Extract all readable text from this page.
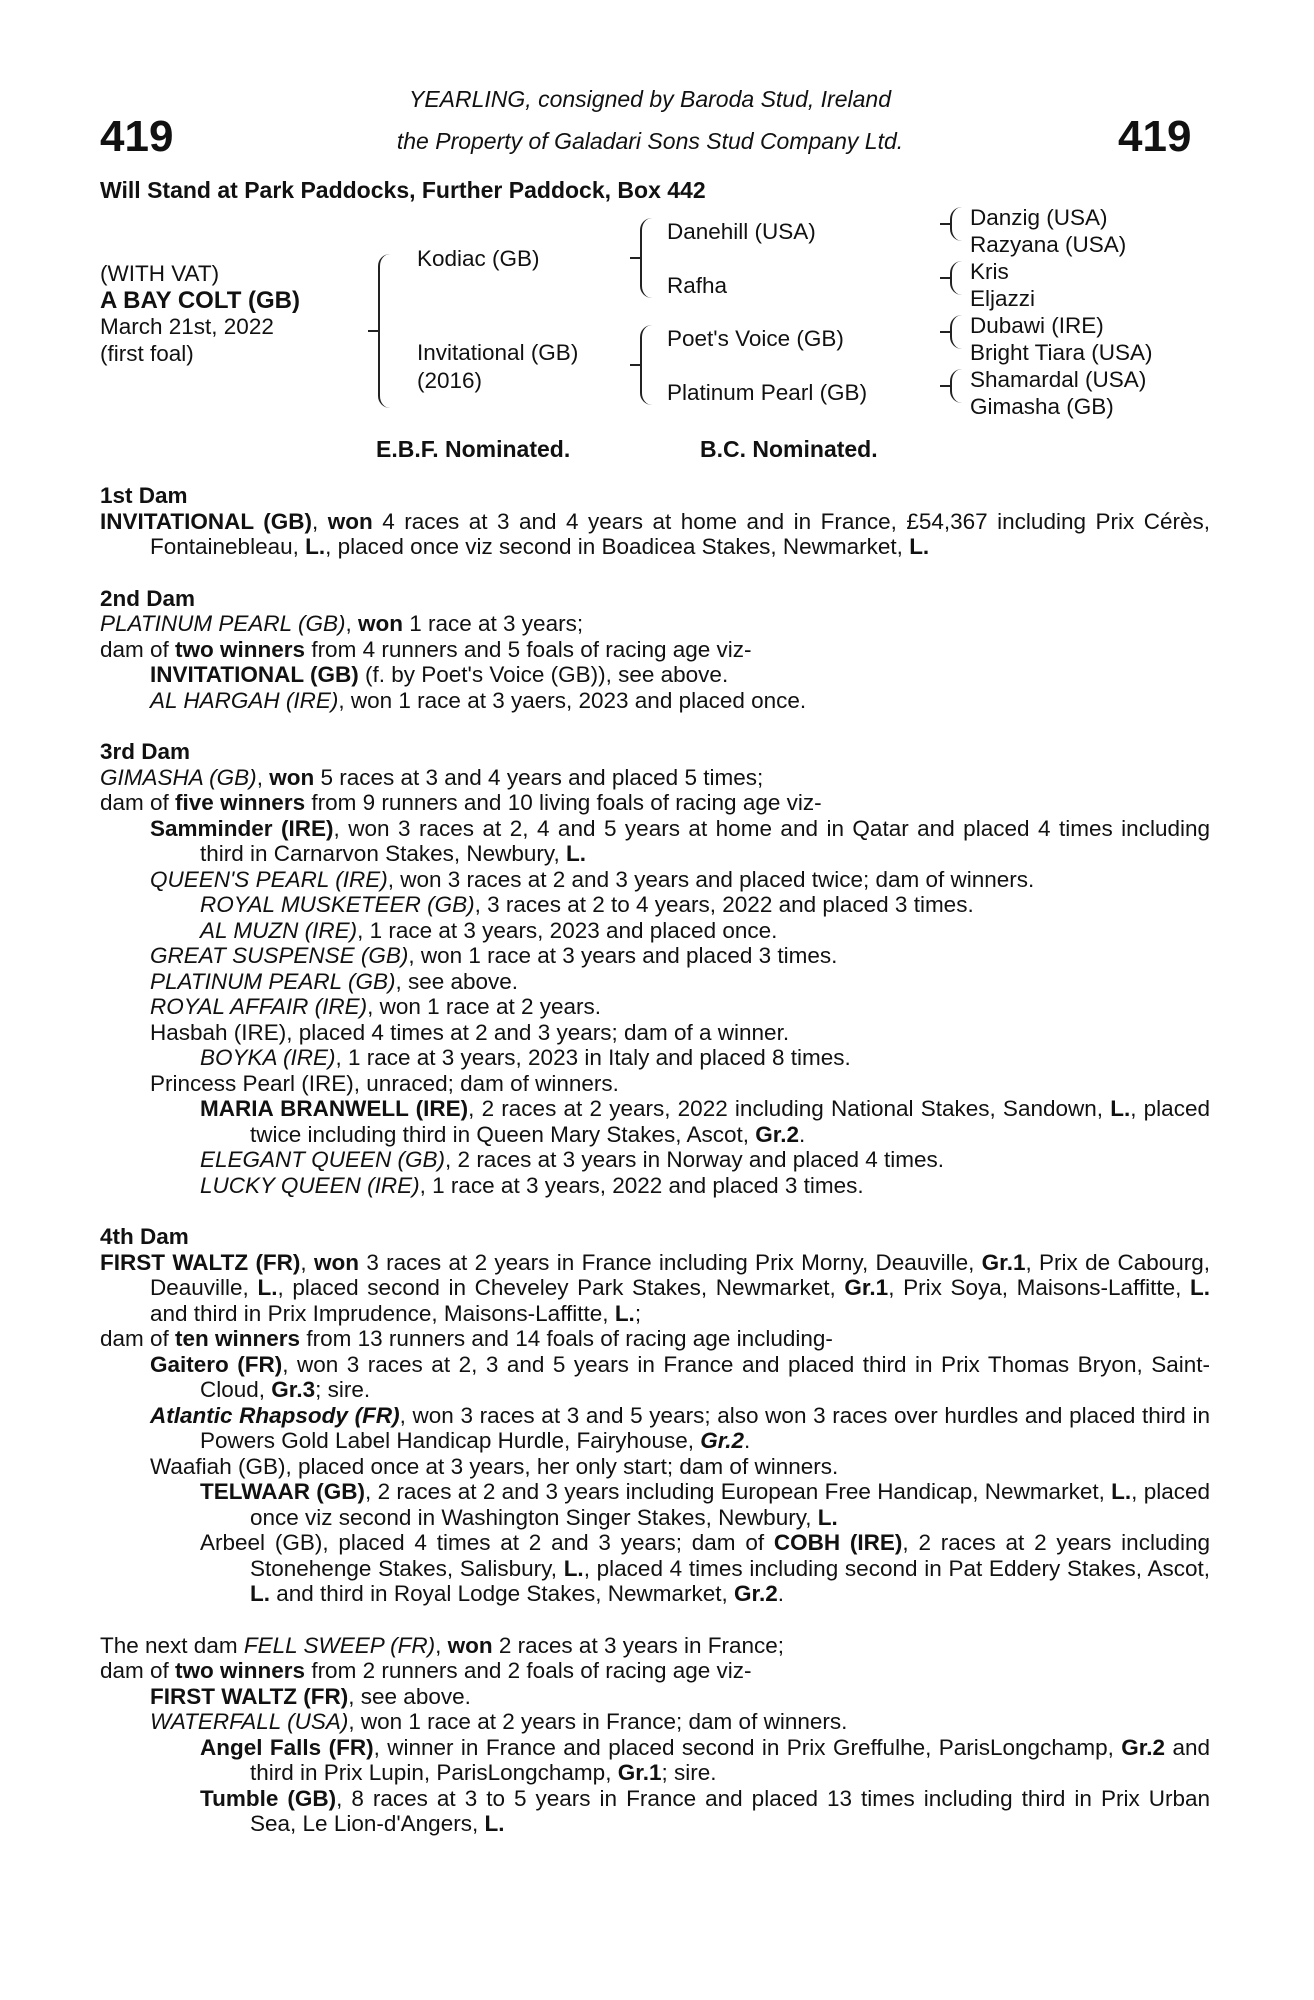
419	419
YEARLING, consigned by Baroda Stud, Ireland
the Property of Galadari Sons Stud Company Ltd.
Will Stand at Park Paddocks, Further Paddock, Box 442
(WITH VAT)
A BAY COLT (GB)
March 21st, 2022
(first foal)
Kodiac (GB)
Invitational (GB)
(2016)
Danehill (USA)
Rafha
Poet's Voice (GB)
Platinum Pearl (GB)
Danzig (USA)
Razyana (USA)
Kris
Eljazzi
Dubawi (IRE)
Bright Tiara (USA)
Shamardal (USA)
Gimasha (GB)
E.B.F. Nominated.	B.C. Nominated.

1st Dam

INVITATIONAL (GB), won 4 races at 3 and 4 years at home and in France, £54,367 including Prix Cérès, Fontainebleau, L., placed once viz second in Boadicea Stakes, Newmarket, L.

2nd Dam

PLATINUM PEARL (GB), won 1 race at 3 years;

dam of two winners from 4 runners and 5 foals of racing age viz-

INVITATIONAL (GB) (f. by Poet's Voice (GB)), see above.

AL HARGAH (IRE), won 1 race at 3 yaers, 2023 and placed once.

3rd Dam

GIMASHA (GB), won 5 races at 3 and 4 years and placed 5 times;

dam of five winners from 9 runners and 10 living foals of racing age viz-

Samminder (IRE), won 3 races at 2, 4 and 5 years at home and in Qatar and placed 4 times including third in Carnarvon Stakes, Newbury, L.

QUEEN'S PEARL (IRE), won 3 races at 2 and 3 years and placed twice; dam of winners.

ROYAL MUSKETEER (GB), 3 races at 2 to 4 years, 2022 and placed 3 times.

AL MUZN (IRE), 1 race at 3 years, 2023 and placed once.

GREAT SUSPENSE (GB), won 1 race at 3 years and placed 3 times.

PLATINUM PEARL (GB), see above.

ROYAL AFFAIR (IRE), won 1 race at 2 years.

Hasbah (IRE), placed 4 times at 2 and 3 years; dam of a winner.

BOYKA (IRE), 1 race at 3 years, 2023 in Italy and placed 8 times.

Princess Pearl (IRE), unraced; dam of winners.

MARIA BRANWELL (IRE), 2 races at 2 years, 2022 including National Stakes, Sandown, L., placed twice including third in Queen Mary Stakes, Ascot, Gr.2.

ELEGANT QUEEN (GB), 2 races at 3 years in Norway and placed 4 times.

LUCKY QUEEN (IRE), 1 race at 3 years, 2022 and placed 3 times.

4th Dam

FIRST WALTZ (FR), won 3 races at 2 years in France including Prix Morny, Deauville, Gr.1, Prix de Cabourg, Deauville, L., placed second in Cheveley Park Stakes, Newmarket, Gr.1, Prix Soya, Maisons-Laffitte, L. and third in Prix Imprudence, Maisons-Laffitte, L.;

dam of ten winners from 13 runners and 14 foals of racing age including-

Gaitero (FR), won 3 races at 2, 3 and 5 years in France and placed third in Prix Thomas Bryon, Saint-Cloud, Gr.3; sire.

Atlantic Rhapsody (FR), won 3 races at 3 and 5 years; also won 3 races over hurdles and placed third in Powers Gold Label Handicap Hurdle, Fairyhouse, Gr.2.

Waafiah (GB), placed once at 3 years, her only start; dam of winners.

TELWAAR (GB), 2 races at 2 and 3 years including European Free Handicap, Newmarket, L., placed once viz second in Washington Singer Stakes, Newbury, L.

Arbeel (GB), placed 4 times at 2 and 3 years; dam of COBH (IRE), 2 races at 2 years including Stonehenge Stakes, Salisbury, L., placed 4 times including second in Pat Eddery Stakes, Ascot, L. and third in Royal Lodge Stakes, Newmarket, Gr.2.

The next dam FELL SWEEP (FR), won 2 races at 3 years in France;

dam of two winners from 2 runners and 2 foals of racing age viz-

FIRST WALTZ (FR), see above.

WATERFALL (USA), won 1 race at 2 years in France; dam of winners.

Angel Falls (FR), winner in France and placed second in Prix Greffulhe, ParisLongchamp, Gr.2 and third in Prix Lupin, ParisLongchamp, Gr.1; sire.

Tumble (GB), 8 races at 3 to 5 years in France and placed 13 times including third in Prix Urban Sea, Le Lion-d'Angers, L.
